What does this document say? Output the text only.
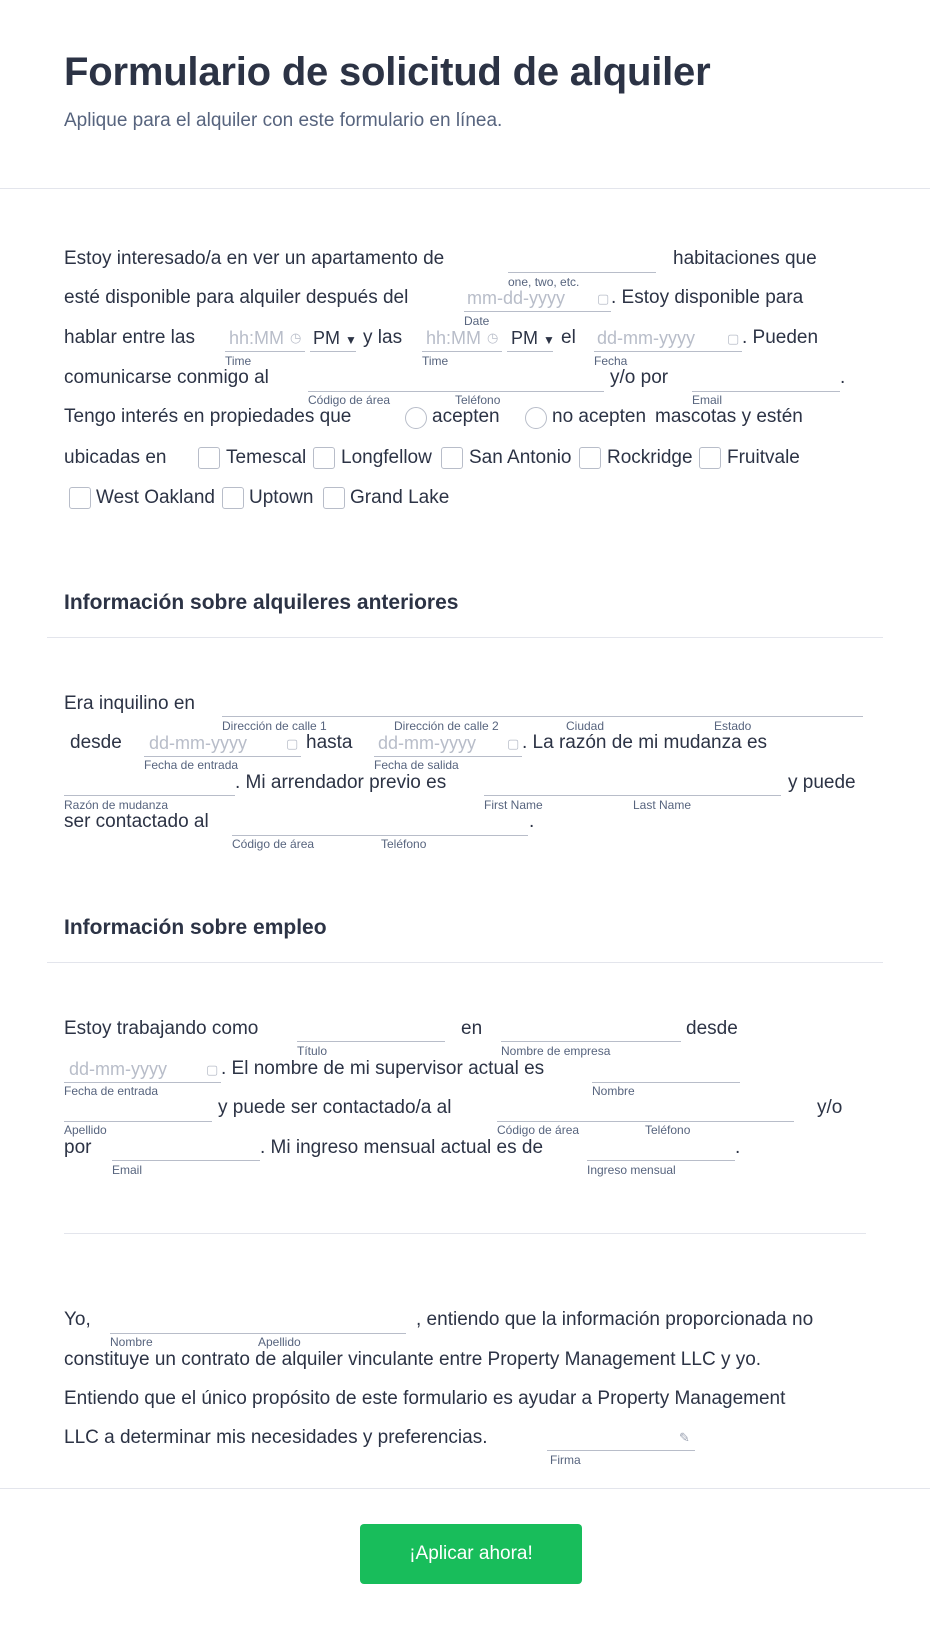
Formulario de solicitud de alquiler
Aplique para el alquiler con este formulario en línea.
Estoy interesado/a en ver un apartamento de
one, two, etc.
habitaciones que
esté disponible para alquiler después del	mm-dd-yyyy ▢
Date
. Estoy disponible para
hablar entre las hh:MM ◷
Time
PM ▼ y las hh:MM ◷
Time
PM ▼ el dd-mm-yyyy ▢
Fecha
. Pueden
comunicarse conmigo al
Código de área	Teléfono
y/o por
Email
.
Tengo interés en propiedades que	acepten	no acepten mascotas y estén
ubicadas en	Temescal Longfellow San Antonio Rockridge Fruitvale
West Oakland Uptown Grand Lake
Información sobre alquileres anteriores
Era inquilino en
Dirección de calle 1	Dirección de calle 2	Ciudad	Estado
desde dd-mm-yyyy	▢
Fecha de entrada
hasta dd-mm-yyyy ▢
Fecha de salida
. La razón de mi mudanza es
Razón de mudanza
. Mi arrendador previo es
First Name	Last Name
y puede
ser contactado al
Código de área	Teléfono
.
Información sobre empleo
Estoy trabajando como
Título
en
Nombre de empresa
desde
dd-mm-yyyy	▢
Fecha de entrada
. El nombre de mi supervisor actual es
Nombre
Apellido
y puede ser contactado/a al
Código de área	Teléfono
y/o
por
Email
. Mi ingreso mensual actual es de
Ingreso mensual
.
Yo,
Nombre	Apellido
, entiendo que la información proporcionada no
constituye un contrato de alquiler vinculante entre Property Management LLC y yo.
Entiendo que el único propósito de este formulario es ayudar a Property Management
LLC a determinar mis necesidades y preferencias.	✎
Firma
¡Aplicar ahora!
